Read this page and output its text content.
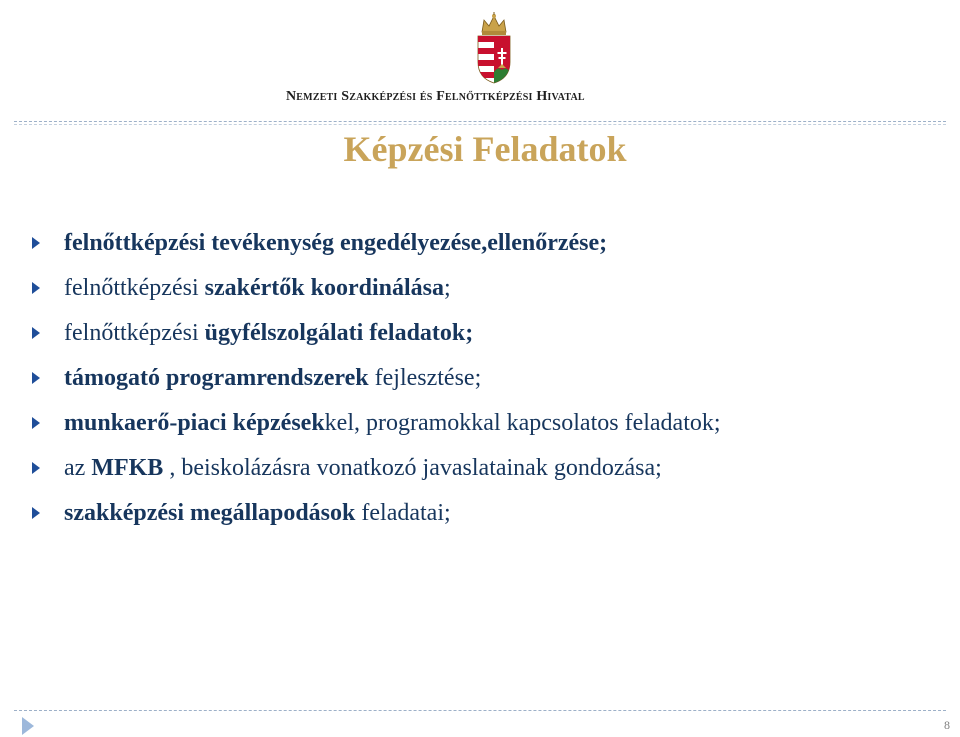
Nemzeti Szakképzési és Felnőttképzési Hivatal
Képzési Feladatok
felnőttképzési tevékenység engedélyezése,ellenőrzése;
felnőttképzési szakértők koordinálása;
felnőttképzési ügyfélszolgálati feladatok;
támogató programrendszerek fejlesztése;
munkaerő-piaci képzésekkel, programokkal kapcsolatos feladatok;
az MFKB , beiskolázásra vonatkozó javaslatainak gondozása;
szakképzési megállapodások feladatai;
8
